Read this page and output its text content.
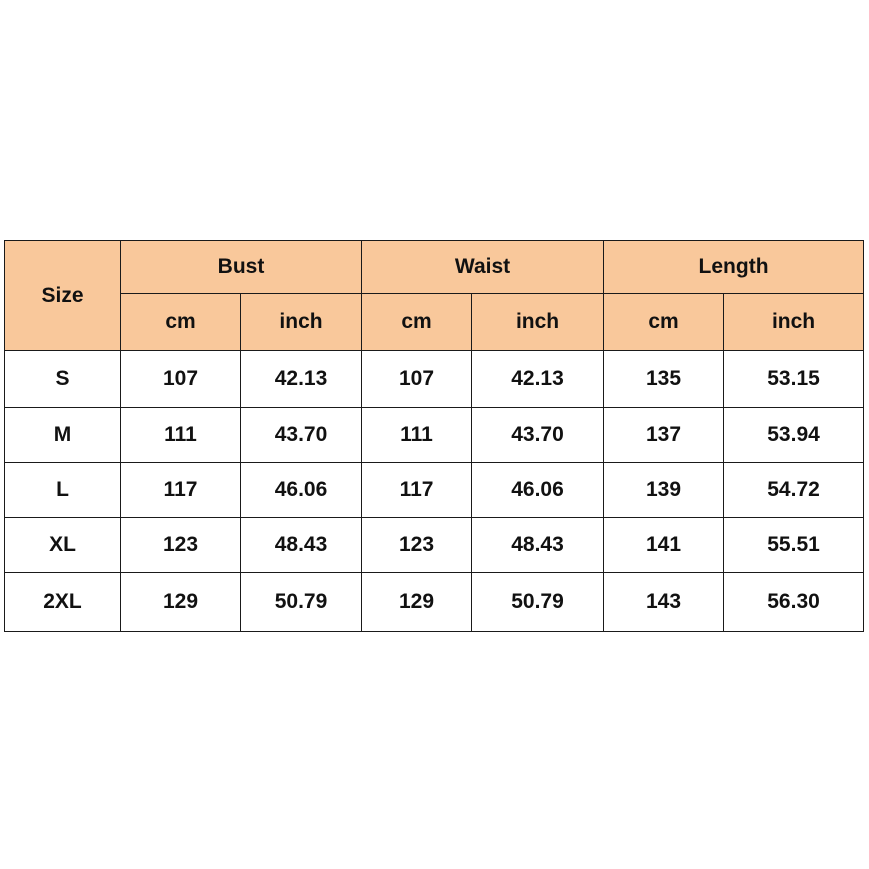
Size	Bust		Waist		Length	
	cm	inch	cm	inch	cm	inch
S	107	42.13	107	42.13	135	53.15
M	111	43.70	111	43.70	137	53.94
L	117	46.06	117	46.06	139	54.72
XL	123	48.43	123	48.43	141	55.51
2XL	129	50.79	129	50.79	143	56.30
